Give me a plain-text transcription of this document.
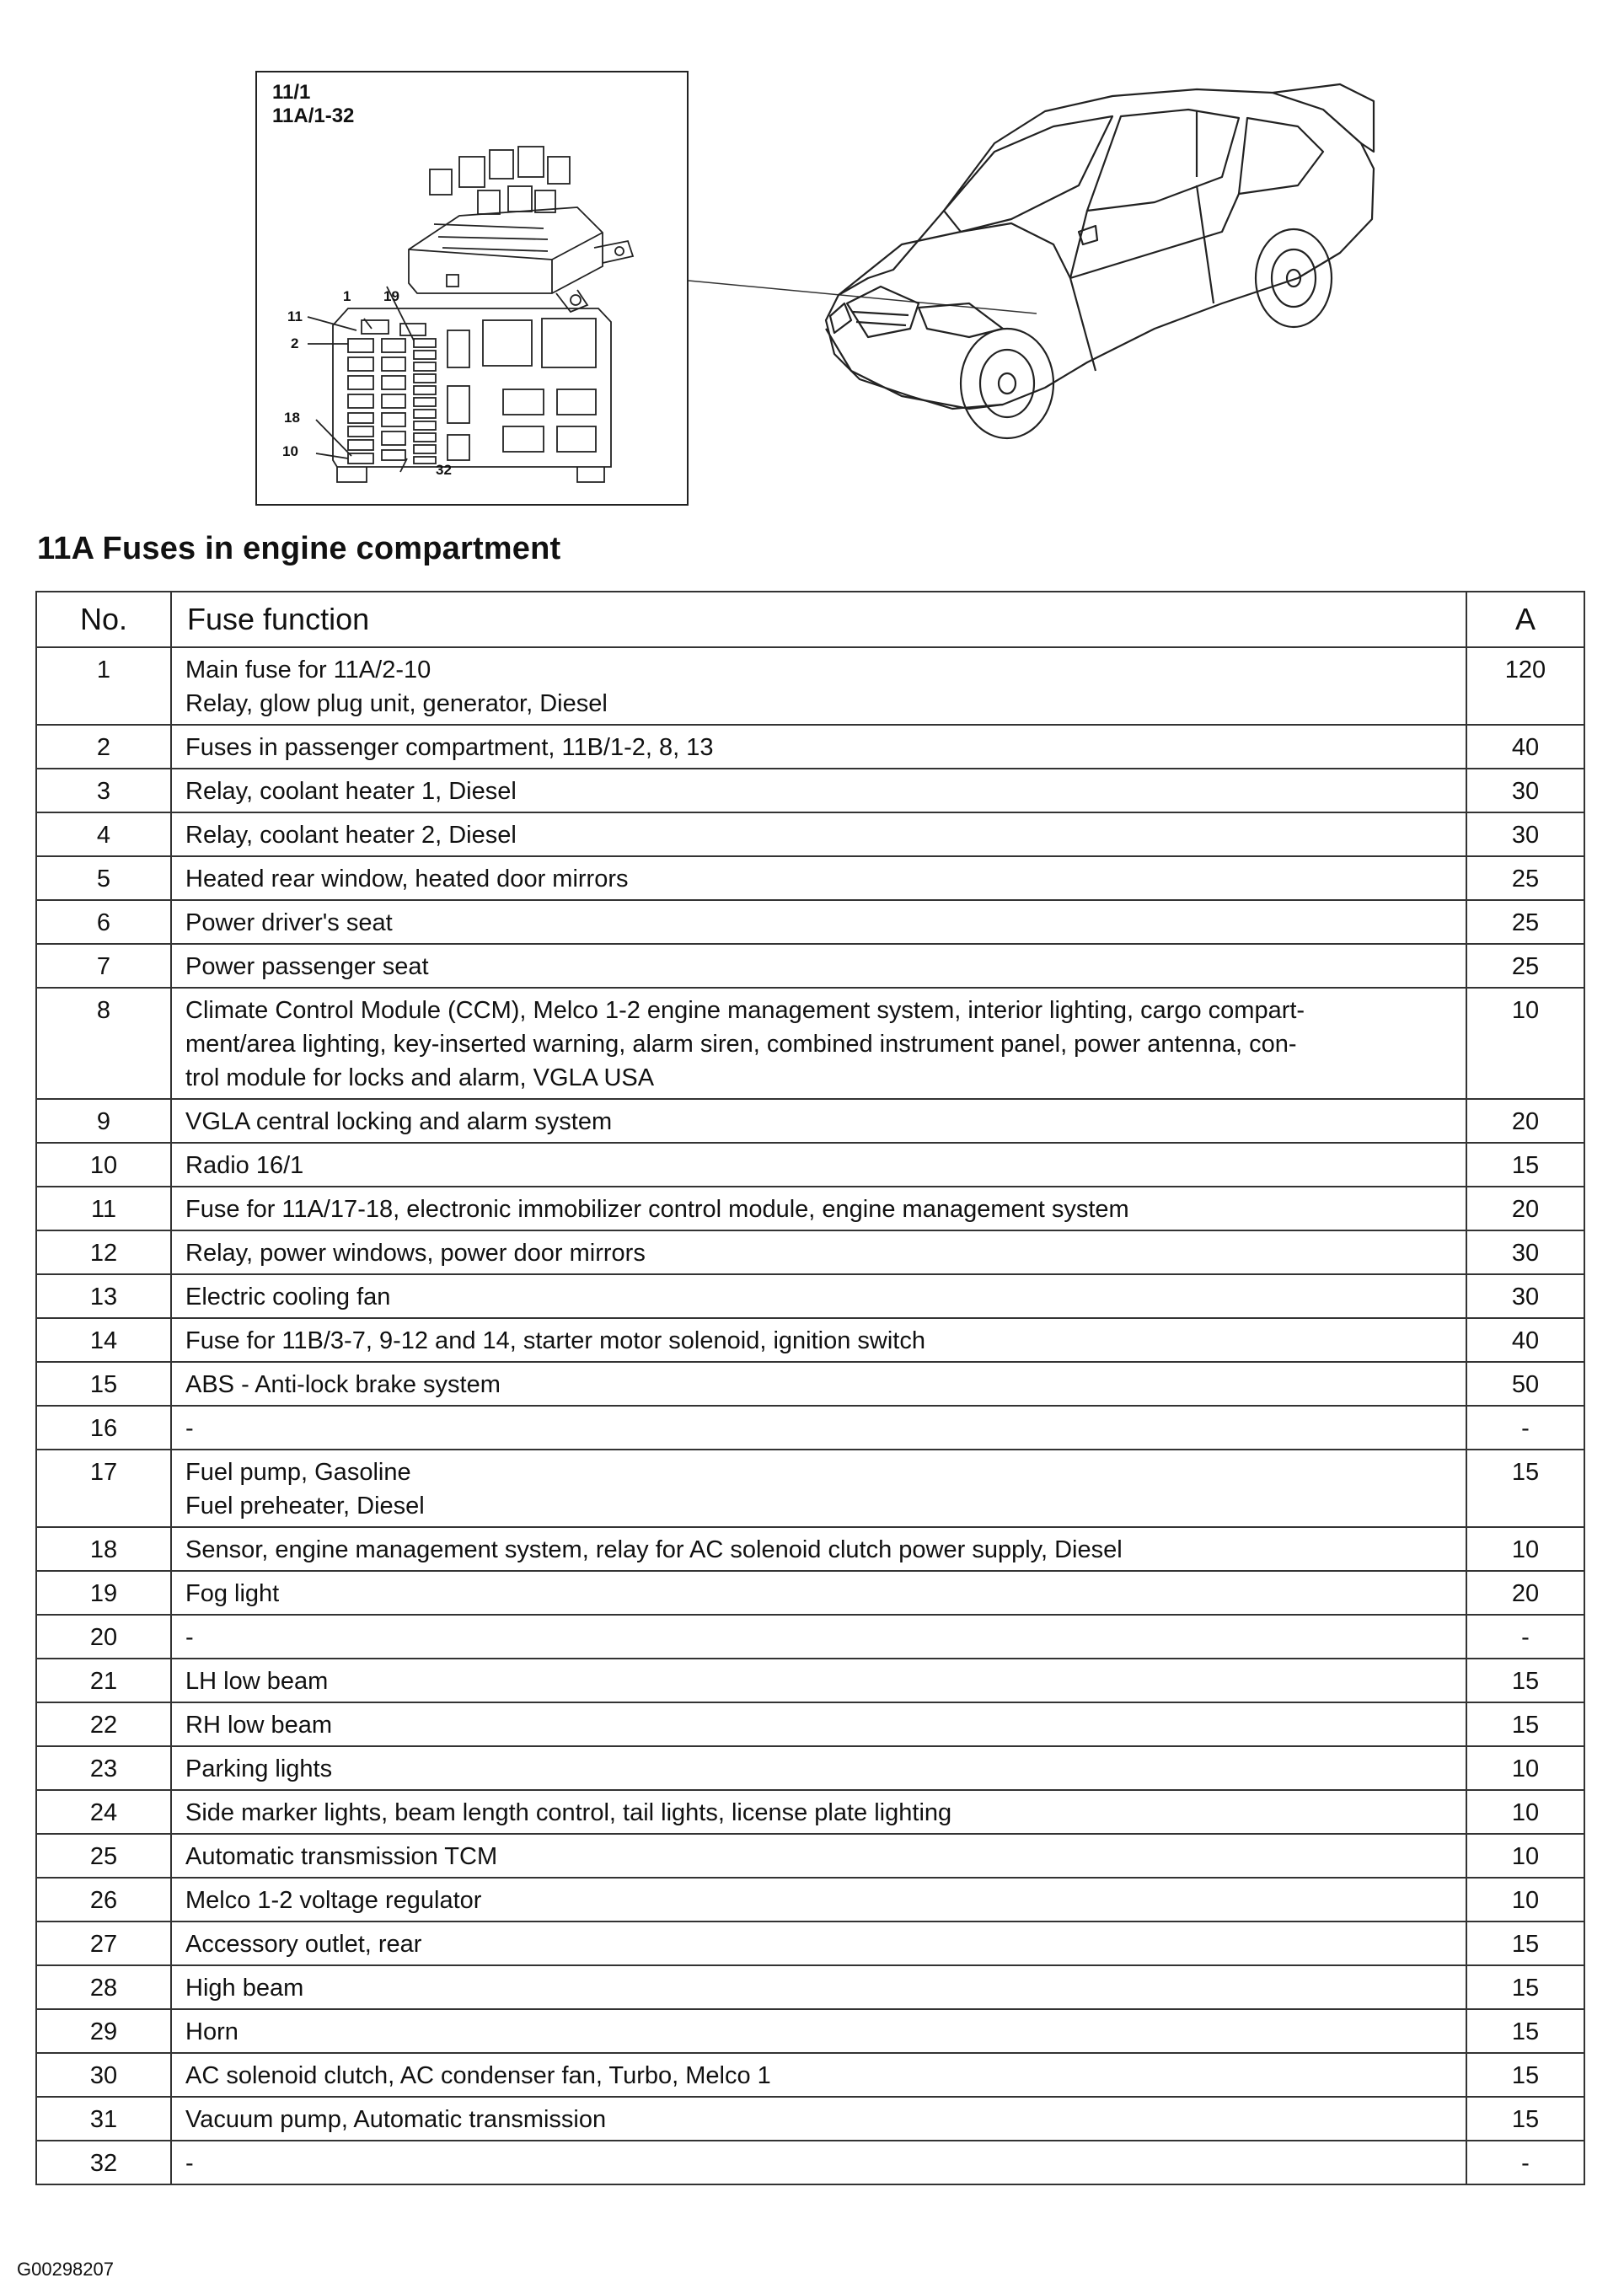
11/1
11A/1-32
1 19
11
2
18
10
32
11A Fuses in engine compartment
No.	Fuse function	A
1	Main fuse for 11A/2-10
Relay, glow plug unit, generator, Diesel	120
2	Fuses in passenger compartment, 11B/1-2, 8, 13	40
3	Relay, coolant heater 1, Diesel	30
4	Relay, coolant heater 2, Diesel	30
5	Heated rear window, heated door mirrors	25
6	Power driver's seat	25
7	Power passenger seat	25
8	Climate Control Module (CCM), Melco 1-2 engine management system, interior lighting, cargo compart-
ment/area lighting, key-inserted warning, alarm siren, combined instrument panel, power antenna, con-
trol module for locks and alarm, VGLA USA	10
9	VGLA central locking and alarm system	20
10	Radio 16/1	15
11	Fuse for 11A/17-18, electronic immobilizer control module, engine management system	20
12	Relay, power windows, power door mirrors	30
13	Electric cooling fan	30
14	Fuse for 11B/3-7, 9-12 and 14, starter motor solenoid, ignition switch	40
15	ABS - Anti-lock brake system	50
16	-	-
17	Fuel pump, Gasoline
Fuel preheater, Diesel	15
18	Sensor, engine management system, relay for AC solenoid clutch power supply, Diesel	10
19	Fog light	20
20	-	-
21	LH low beam	15
22	RH low beam	15
23	Parking lights	10
24	Side marker lights, beam length control, tail lights, license plate lighting	10
25	Automatic transmission TCM	10
26	Melco 1-2 voltage regulator	10
27	Accessory outlet, rear	15
28	High beam	15
29	Horn	15
30	AC solenoid clutch, AC condenser fan, Turbo, Melco 1	15
31	Vacuum pump, Automatic transmission	15
32	-	-
G00298207
